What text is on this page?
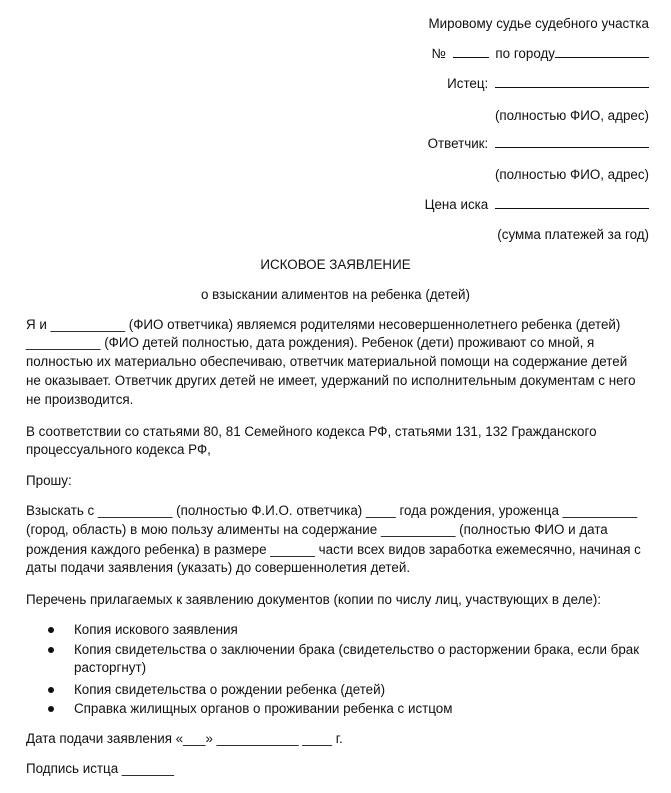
Мировому судье судебного участка
№	по городу
Истец:
(полностью ФИО, адрес)
Ответчик:
(полностью ФИО, адрес)
Цена иска
(сумма платежей за год)
ИСКОВОЕ ЗАЯВЛЕНИЕ
о взыскании алиментов на ребенка (детей)
Я и __________ (ФИО ответчика) являемся родителями несовершеннолетнего ребенка (детей)
__________ (ФИО детей полностью, дата рождения). Ребенок (дети) проживают со мной, я
полностью их материально обеспечиваю, ответчик материальной помощи на содержание детей
не оказывает. Ответчик других детей не имеет, удержаний по исполнительным документам с него
не производится.
В соответствии со статьями 80, 81 Семейного кодекса РФ, статьями 131, 132 Гражданского
процессуального кодекса РФ,
Прошу:
Взыскать с __________ (полностью Ф.И.О. ответчика) ____ года рождения, уроженца __________
(город, область) в мою пользу алименты на содержание __________ (полностью ФИО и дата
рождения каждого ребенка) в размере ______ части всех видов заработка ежемесячно, начиная с
даты подачи заявления (указать) до совершеннолетия детей.
Перечень прилагаемых к заявлению документов (копии по числу лиц, участвующих в деле):
Копия искового заявления
Копия свидетельства о заключении брака (свидетельство о расторжении брака, если брак
расторгнут)
Копия свидетельства о рождении ребенка (детей)
Справка жилищных органов о проживании ребенка с истцом
Дата подачи заявления «___» ___________ ____ г.
Подпись истца _______
